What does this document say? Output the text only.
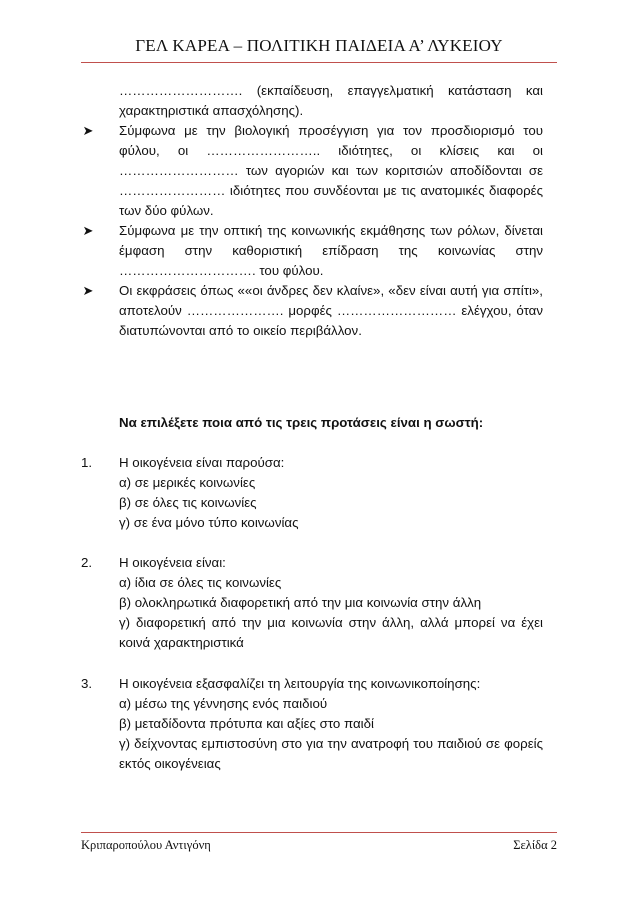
ΓΕΛ ΚΑΡΕΑ – ΠΟΛΙΤΙΚΗ ΠΑΙΔΕΙΑ Α’ ΛΥΚΕΙΟΥ

………………………. (εκπαίδευση, επαγγελματική κατάσταση και χαρακτηριστικά απασχόλησης).

➤ Σύμφωνα με την βιολογική προσέγγιση για τον προσδιορισμό του φύλου, οι …………………….. ιδιότητες, οι κλίσεις και οι ……………………… των αγοριών και των κοριτσιών αποδίδονται σε …………………… ιδιότητες που συνδέονται με τις ανατομικές διαφορές των δύο φύλων.

➤ Σύμφωνα με την οπτική της κοινωνικής εκμάθησης των ρόλων, δίνεται έμφαση στην καθοριστική επίδραση της κοινωνίας στην …………………………. του φύλου.

➤ Οι εκφράσεις όπως ««οι άνδρες δεν κλαίνε», «δεν είναι αυτή για σπίτι», αποτελούν …………………. μορφές ……………………… ελέγχου, όταν διατυπώνονται από το οικείο περιβάλλον.

Να επιλέξετε ποια από τις τρεις προτάσεις είναι η σωστή:

1.	Η οικογένεια είναι παρούσα:

α) σε μερικές κοινωνίες

β) σε όλες τις κοινωνίες

γ) σε ένα μόνο τύπο κοινωνίας

2.	Η οικογένεια είναι:

α) ίδια σε όλες τις κοινωνίες

β) ολοκληρωτικά διαφορετική από την μια κοινωνία στην άλλη

γ) διαφορετική από την μια κοινωνία στην άλλη, αλλά μπορεί να έχει κοινά χαρακτηριστικά

3.	Η οικογένεια εξασφαλίζει τη λειτουργία της κοινωνικοποίησης:

α) μέσω της γέννησης ενός παιδιού

β) μεταδίδοντα πρότυπα και αξίες στο παιδί

γ) δείχνοντας εμπιστοσύνη στο για την ανατροφή του παιδιού σε φορείς εκτός οικογένειας

Κριπαροπούλου Αντιγόνη	Σελίδα 2
